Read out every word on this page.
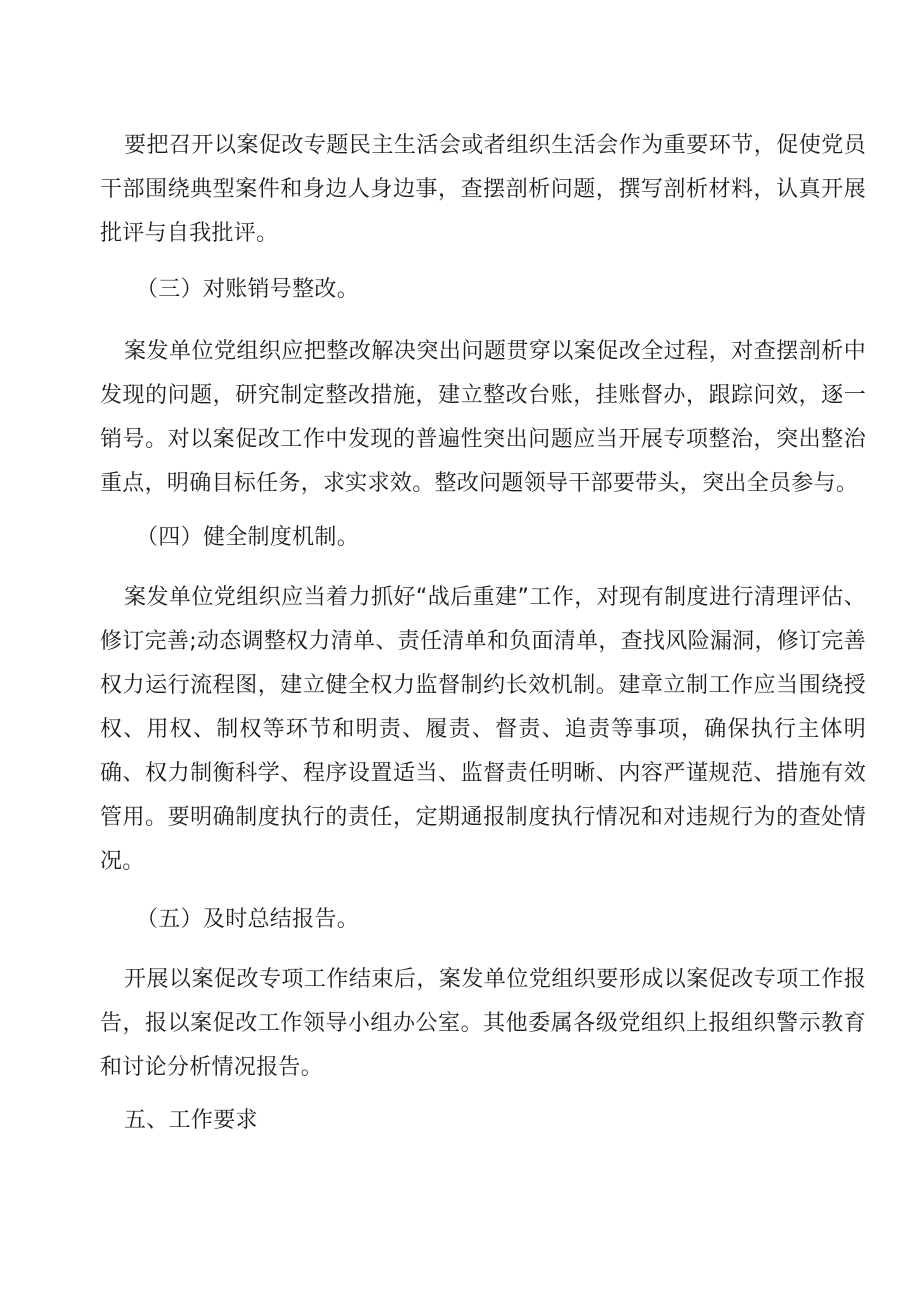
要把召开以案促改专题民主生活会或者组织生活会作为重要环节，促使党员干部围绕典型案件和身边人身边事，查摆剖析问题，撰写剖析材料，认真开展批评与自我批评。

（三）对账销号整改。

案发单位党组织应把整改解决突出问题贯穿以案促改全过程，对查摆剖析中发现的问题，研究制定整改措施，建立整改台账，挂账督办，跟踪问效，逐一销号。对以案促改工作中发现的普遍性突出问题应当开展专项整治，突出整治重点，明确目标任务，求实求效。整改问题领导干部要带头，突出全员参与。

（四）健全制度机制。

案发单位党组织应当着力抓好“战后重建”工作，对现有制度进行清理评估、修订完善;动态调整权力清单、责任清单和负面清单，查找风险漏洞，修订完善权力运行流程图，建立健全权力监督制约长效机制。建章立制工作应当围绕授权、用权、制权等环节和明责、履责、督责、追责等事项，确保执行主体明确、权力制衡科学、程序设置适当、监督责任明晰、内容严谨规范、措施有效管用。要明确制度执行的责任，定期通报制度执行情况和对违规行为的查处情况。

（五）及时总结报告。

开展以案促改专项工作结束后，案发单位党组织要形成以案促改专项工作报告，报以案促改工作领导小组办公室。其他委属各级党组织上报组织警示教育和讨论分析情况报告。

五、工作要求
